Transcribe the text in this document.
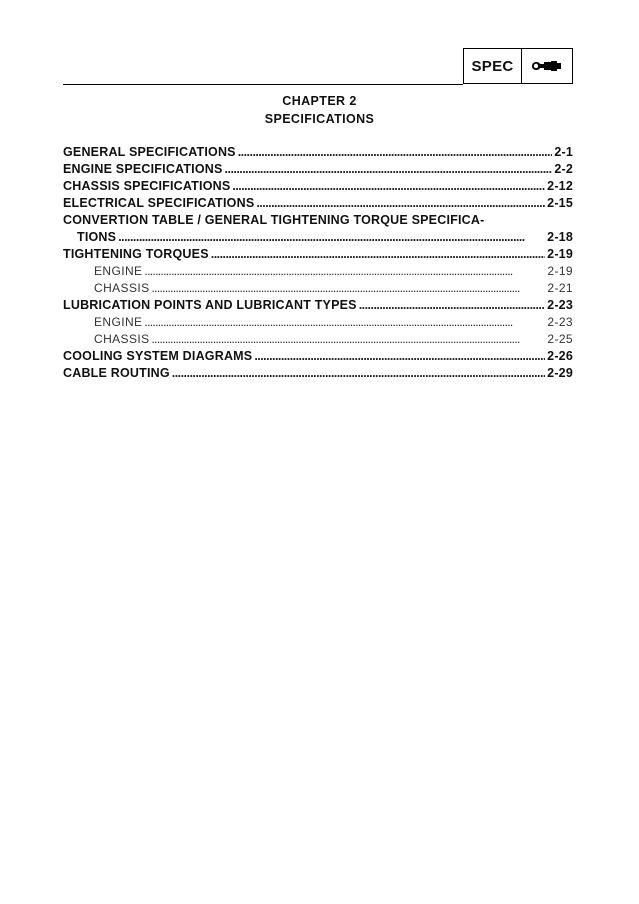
SPEC
CHAPTER 2
SPECIFICATIONS
GENERAL SPECIFICATIONS . . .	2-1
ENGINE SPECIFICATIONS . . .	2-2
CHASSIS SPECIFICATIONS . . .	2-12
ELECTRICAL SPECIFICATIONS . . .	2-15
CONVERTION TABLE / GENERAL TIGHTENING TORQUE SPECIFICA-
TIONS . . .	2-18
TIGHTENING TORQUES . . .	2-19
ENGINE . . .	2-19
CHASSIS . . .	2-21
LUBRICATION POINTS AND LUBRICANT TYPES . . .	2-23
ENGINE . . .	2-23
CHASSIS . . .	2-25
COOLING SYSTEM DIAGRAMS . . .	2-26
CABLE ROUTING . . .	2-29
